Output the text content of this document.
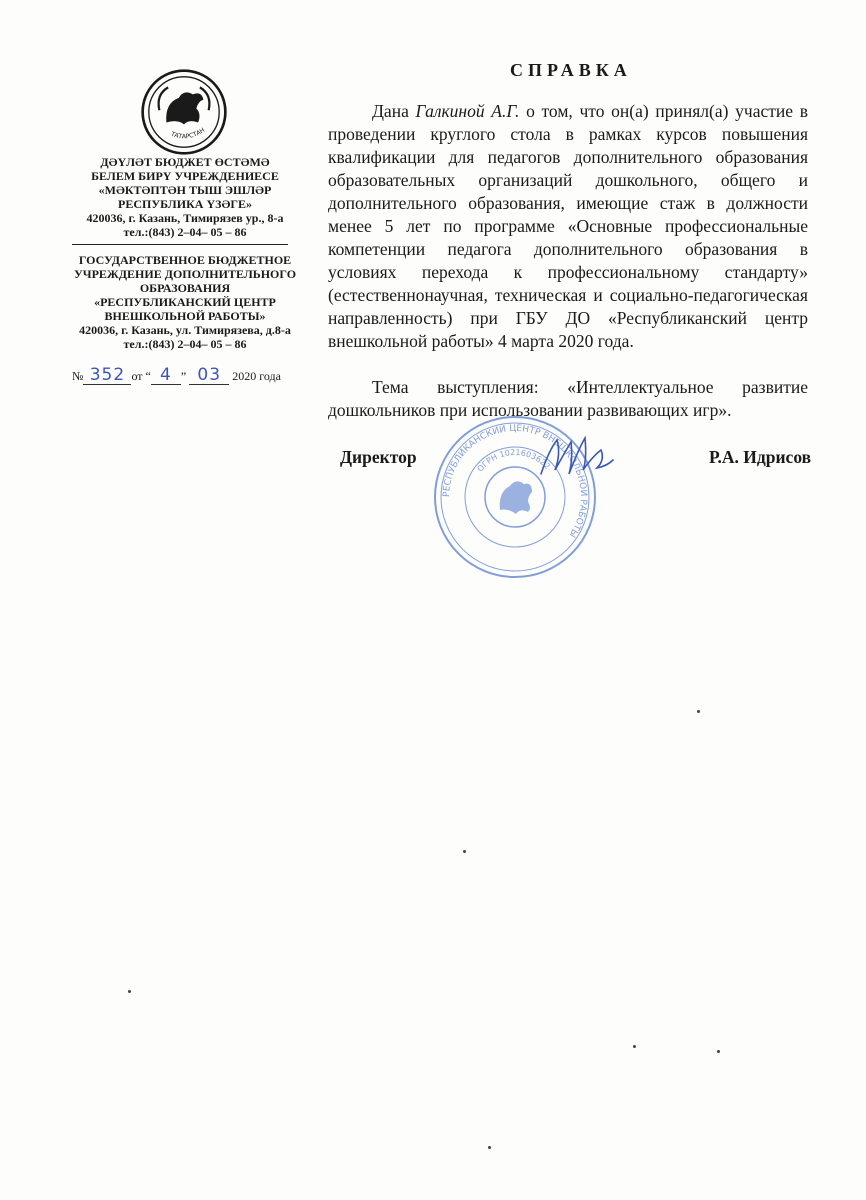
ТАТАРСТАН
ДӘҮЛӘТ БЮДЖЕТ ӨСТӘМӘ
БЕЛЕМ БИРҮ УЧРЕЖДЕНИЕСЕ
«МӘКТӘПТӘН ТЫШ ЭШЛӘР
РЕСПУБЛИКА ҮЗӘГЕ»
420036, г. Казань, Тимирязев ур., 8-а
тел.:(843) 2–04– 05 – 86
ГОСУДАРСТВЕННОЕ БЮДЖЕТНОЕ
УЧРЕЖДЕНИЕ ДОПОЛНИТЕЛЬНОГО
ОБРАЗОВАНИЯ
«РЕСПУБЛИКАНСКИЙ ЦЕНТР
ВНЕШКОЛЬНОЙ РАБОТЫ»
420036, г. Казань, ул. Тимирязева, д.8-а
тел.:(843) 2–04– 05 – 86
№ 352 от “ 4 ” 03 2020 года
СПРАВКА

Дана Галкиной А.Г. о том, что он(а) принял(а) участие в проведении круглого стола в рамках курсов повышения квалификации для педагогов дополнительного образования образовательных организаций дошкольного, общего и дополнительного образования, имеющие стаж в должности менее 5 лет по программе «Основные профессиональные компетенции педагога дополнительного образования в условиях перехода к профессиональному стандарту» (естественнонаучная, техническая и социально-педагогическая направленность) при ГБУ ДО «Республиканский центр внешкольной работы» 4 марта 2020 года.

Тема выступления: «Интеллектуальное развитие дошкольников при использовании развивающих игр».

Директор	Р.А. Идрисов
РЕСПУБЛИКАНСКИЙ ЦЕНТР ВНЕШКОЛЬНОЙ РАБОТЫ
ОГРН 1021603622
